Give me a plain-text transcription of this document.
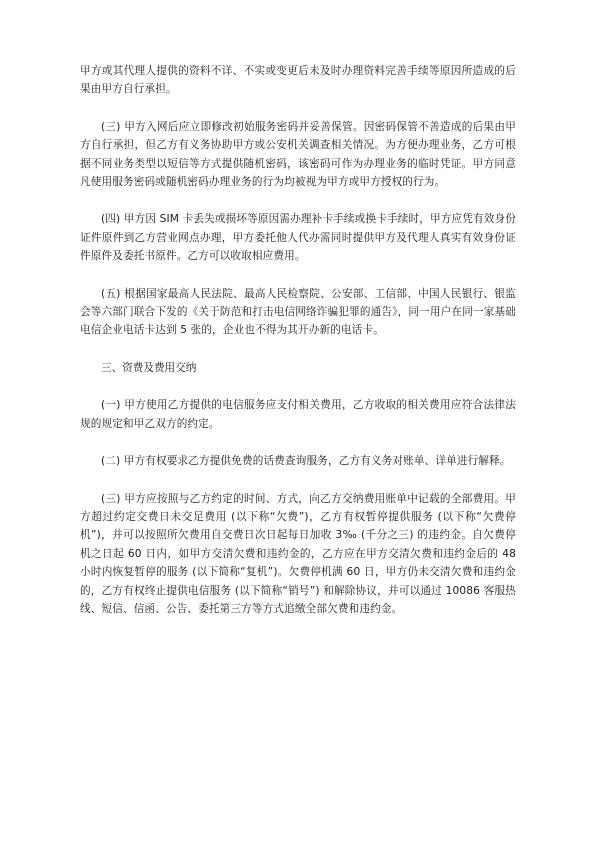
甲方或其代理人提供的资料不详、不实或变更后未及时办理资料完善手续等原因所造成的后果由甲方自行承担。

(三) 甲方入网后应立即修改初始服务密码并妥善保管。因密码保管不善造成的后果由甲方自行承担，但乙方有义务协助甲方或公安机关调查相关情况。为方便办理业务，乙方可根据不同业务类型以短信等方式提供随机密码，该密码可作为办理业务的临时凭证。甲方同意凡使用服务密码或随机密码办理业务的行为均被视为甲方或甲方授权的行为。

(四) 甲方因 SIM 卡丢失或损坏等原因需办理补卡手续或换卡手续时，甲方应凭有效身份证件原件到乙方营业网点办理，甲方委托他人代办需同时提供甲方及代理人真实有效身份证件原件及委托书原件。乙方可以收取相应费用。

(五) 根据国家最高人民法院、最高人民检察院、公安部、工信部、中国人民银行、银监会等六部门联合下发的《关于防范和打击电信网络诈骗犯罪的通告》，同一用户在同一家基础电信企业电话卡达到 5 张的，企业也不得为其开办新的电话卡。

三、资费及费用交纳

(一) 甲方使用乙方提供的电信服务应支付相关费用，乙方收取的相关费用应符合法律法规的规定和甲乙双方的约定。

(二) 甲方有权要求乙方提供免费的话费查询服务，乙方有义务对账单、详单进行解释。

(三) 甲方应按照与乙方约定的时间、方式，向乙方交纳费用账单中记载的全部费用。甲方超过约定交费日未交足费用 (以下称“欠费”)，乙方有权暂停提供服务 (以下称“欠费停机”)，并可以按照所欠费用自交费日次日起每日加收 3‰ (千分之三) 的违约金。自欠费停机之日起 60 日内，如甲方交清欠费和违约金的，乙方应在甲方交清欠费和违约金后的 48 小时内恢复暂停的服务 (以下简称“复机”)。欠费停机满 60 日，甲方仍未交清欠费和违约金的，乙方有权终止提供电信服务 (以下简称“销号”) 和解除协议，并可以通过 10086 客服热线、短信、信函、公告、委托第三方等方式追缴全部欠费和违约金。
